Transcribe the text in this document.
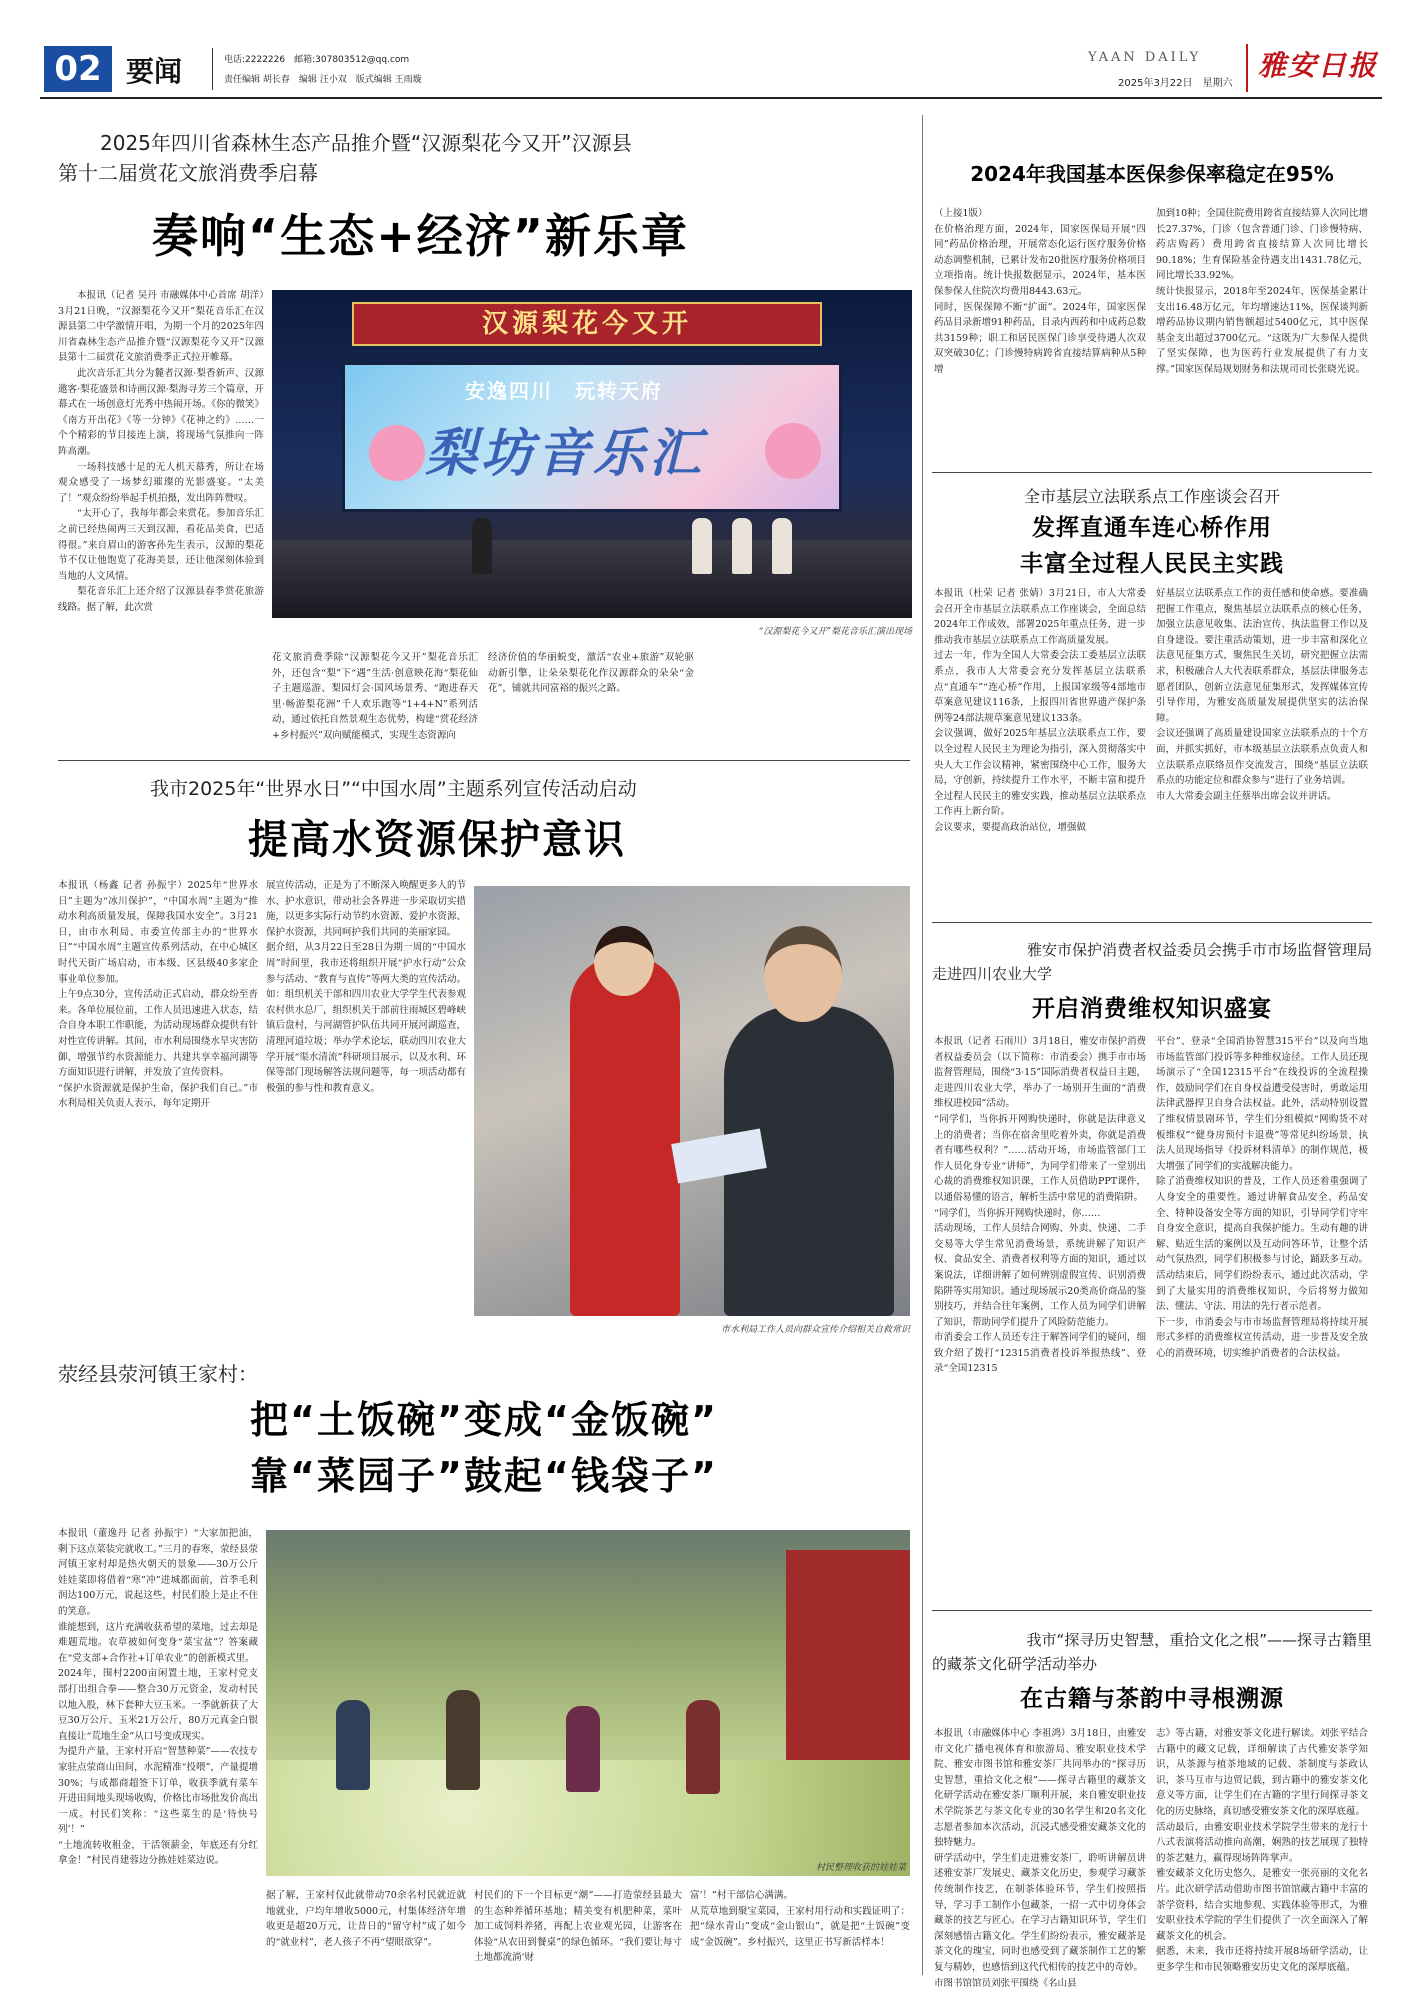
02 要闻	电话:2222226　邮箱:307803512@qq.com
责任编辑 胡长春　编辑 汪小双　版式编辑 王雨璇
YAAN DAILY
2025年3月22日　星期六
雅安日报
2025年四川省森林生态产品推介暨“汉源梨花今又开”汉源县
第十二届赏花文旅消费季启幕
奏响“生态+经济”新乐章

本报讯（记者 吴丹 市融媒体中心首席 胡洋）3月21日晚，“汉源梨花今又开”梨花音乐汇在汉源县第二中学激情开唱，为期一个月的2025年四川省森林生态产品推介暨“汉源梨花今又开”汉源县第十二届赏花文旅消费季正式拉开帷幕。

此次音乐汇共分为麓者汉源·梨香新声、汉源邀客·梨花盛景和诗画汉源·梨海寻芳三个篇章，开幕式在一场创意灯光秀中热闹开场。《你的微笑》《南方开出花》《等一分钟》《花神之约》……一个个精彩的节目接连上演，将现场气氛推向一阵阵高潮。

一场科技感十足的无人机天幕秀，所让在场观众感受了一场梦幻璀璨的光影盛宴。“太美了！”观众纷纷举起手机拍摄，发出阵阵赞叹。

“太开心了，我每年都会来赏花。参加音乐汇之前已经热闹两三天到汉源，看花品美食，巴适得很。”来自眉山的游客孙先生表示，汉源的梨花节不仅让他饱览了花海美景，还让他深刻体验到当地的人文风情。

梨花音乐汇上还介绍了汉源县春季赏花旅游线路。据了解，此次赏

汉源梨花今又开
安逸四川　玩转天府
梨坊音乐汇
“汉源梨花今又开”梨花音乐汇演出现场
花文旅消费季除“汉源梨花今又开”梨花音乐汇外，还包含“梨”下“遇”生活·创意映花海“梨花仙子主题巡游、梨园灯会·国风场景秀、“跑进春天里·畅游梨花洲”千人欢乐跑等“1+4+N”系列活动，通过依托自然景观生态优势，构建“赏花经济+乡村振兴”双向赋能模式，实现生态资源向
经济价值的华丽蜕变，激活“农业+旅游”双轮驱动新引擎，让朵朵梨花化作汉源群众的朵朵“金花”，铺就共同富裕的振兴之路。
2024年我国基本医保参保率稳定在95%
（上接1版）
在价格治理方面，2024年，国家医保局开展“四同”药品价格治理，开展常态化运行医疗服务价格动态调整机制，已累计发布20批医疗服务价格项目立项指南。统计快报数据显示，2024年，基本医保参保人住院次均费用8443.63元。
同时，医保保障不断“扩面”。2024年，国家医保药品目录新增91种药品，目录内西药和中成药总数共3159种；职工和居民医保门诊享受待遇人次双双突破30亿；门诊慢特病跨省直接结算病种从5种增
加到10种；全国住院费用跨省直接结算人次同比增长27.37%，门诊（包含普通门诊、门诊慢特病、药店购药）费用跨省直接结算人次同比增长90.18%；生育保险基金待遇支出1431.78亿元，同比增长33.92%。
统计快报显示，2018年至2024年，医保基金累计支出16.48万亿元，年均增速达11%，医保谈判新增药品协议期内销售额超过5400亿元，其中医保基金支出超过3700亿元。“这既为广大参保人提供了坚实保障，也为医药行业发展提供了有力支撑。”国家医保局规划财务和法规司司长张晓光说。
全市基层立法联系点工作座谈会召开
发挥直通车连心桥作用
丰富全过程人民民主实践
本报讯（杜荣 记者 张婧）3月21日，市人大常委会召开全市基层立法联系点工作座谈会，全面总结2024年工作成效，部署2025年重点任务，进一步推动我市基层立法联系点工作高质量发展。
过去一年，作为全国人大常委会法工委基层立法联系点，我市人大常委会充分发挥基层立法联系点“直通车”“连心桥”作用，上报国家级等4部地市草案意见建议116条，上报四川省世界遗产保护条例等24部法规草案意见建议133条。
会议强调，做好2025年基层立法联系点工作，要以全过程人民民主为理论为指引，深入贯彻落实中央人大工作会议精神，紧密围绕中心工作，服务大局，守创新，持续提升工作水平，不断丰富和提升全过程人民民主的雅安实践，推动基层立法联系点工作再上新台阶。
会议要求，要提高政治站位，增强做
好基层立法联系点工作的责任感和使命感。要准确把握工作重点，聚焦基层立法联系点的核心任务，加强立法意见收集、法治宣传、执法监督工作以及自身建设。要注重活动策划，进一步丰富和深化立法意见征集方式，聚焦民生关切，研究把握立法需求，积极融合人大代表联系群众，基层法律服务志愿者团队，创新立法意见征集形式，发挥媒体宣传引导作用，为雅安高质量发展提供坚实的法治保障。
会议还强调了高质量建设国家立法联系点的十个方面，并抓实抓好，市本级基层立法联系点负责人和立法联系点联络员作交流发言，围绕“基层立法联系点的功能定位和群众参与”进行了业务培训。
市人大常委会副主任蔡举出席会议并讲话。
我市2025年“世界水日”“中国水周”主题系列宣传活动启动
提高水资源保护意识
本报讯（杨鑫 记者 孙振宇）2025年“世界水日”主题为“冰川保护”，“中国水周”主题为“推动水利高质量发展，保障我国水安全”。3月21日，由市水利局、市委宣传部主办的“世界水日”“中国水周”主题宣传系列活动，在中心城区时代天街广场启动，市本级、区县级40多家企事业单位参加。
上午9点30分，宣传活动正式启动，群众纷至沓来。各单位展位前，工作人员迅速进入状态，结合自身本职工作职能，为活动现场群众提供有针对性宣传讲解。其间，市水利局围绕水旱灾害防御、增强节约水资源能力、共建共享幸福河湖等方面知识进行讲解，并发放了宣传资料。
“保护水资源就是保护生命，保护我们自己。”市水利局相关负责人表示，每年定期开
展宣传活动，正是为了不断深入唤醒更多人的节水、护水意识，带动社会各界进一步采取切实措施，以更多实际行动节约水资源、爱护水资源、保护水资源，共同呵护我们共同的美丽家园。
据介绍，从3月22日至28日为期一周的“中国水周”时间里，我市还将组织开展“护水行动”公众参与活动、“教育与直传”等两大类的宣传活动。如：组织机关干部和四川农业大学学生代表参观农村供水总厂，组织机关干部前往雨城区碧峰峡镇后盘村，与河湖管护队伍共同开展河湖巡查，清理河道垃圾；举办学术论坛，联动四川农业大学开展“渠水清流”科研项目展示，以及水利、环保等部门现场解答法规问题等，每一项活动都有极强的参与性和教育意义。
市水利局工作人员向群众宣传介绍相关自救常识
雅安市保护消费者权益委员会携手市市场监督管理局
走进四川农业大学
开启消费维权知识盛宴
本报讯（记者 石雨川）3月18日，雅安市保护消费者权益委员会（以下简称：市消委会）携手市市场监督管理局，围绕“3·15”国际消费者权益日主题，走进四川农业大学，举办了一场别开生面的“消费维权进校园”活动。
“同学们，当你拆开网购快递时，你就是法律意义上的消费者；当你在宿舍里吃着外卖，你就是消费者有哪些权利？”……活动开场，市场监管部门工作人员化身专业“讲师”，为同学们带来了一堂别出心裁的消费维权知识课，工作人员借助PPT课件，以通俗易懂的语言，解析生活中常见的消费陷阱。
“同学们，当你拆开网购快递时，你……
活动现场，工作人员结合网购、外卖、快递、二手交易等大学生常见消费场景，系统讲解了知识产权、食品安全、消费者权利等方面的知识，通过以案说法，详细讲解了如何辨别虚假宣传、识别消费陷阱等实用知识。通过现场展示20类高价商品的鉴别技巧，并结合往年案例，工作人员为同学们讲解了知识，帮助同学们提升了风险防范能力。
市消委会工作人员还专注于解答同学们的疑问，细致介绍了拨打“12315消费者投诉举报热线”、登录“全国12315
平台”、登录“全国消协智慧315平台”以及向当地市场监管部门投诉等多种维权途径。工作人员还现场演示了“全国12315平台”在线投诉的全流程操作，鼓励同学们在自身权益遭受侵害时，勇敢运用法律武器捍卫自身合法权益。此外，活动特别设置了维权情景剧环节，学生们分组模拟“网购货不对板维权”“健身房预付卡退费”等常见纠纷场景，执法人员现场指导《投诉材料清单》的制作规范，极大增强了同学们的实战解决能力。
除了消费维权知识的普及，工作人员还着重强调了人身安全的重要性。通过讲解食品安全、药品安全、特种设备安全等方面的知识，引导同学们守牢自身安全意识，提高自我保护能力。生动有趣的讲解、贴近生活的案例以及互动问答环节，让整个活动气氛热烈，同学们积极参与讨论，踊跃多互动。活动结束后，同学们纷纷表示，通过此次活动，学到了大量实用的消费维权知识，今后将努力做知法、懂法、守法、用法的先行者示范者。
下一步，市消委会与市市场监督管理局将持续开展形式多样的消费维权宣传活动，进一步普及安全放心的消费环境，切实维护消费者的合法权益。
荥经县荥河镇王家村：
把“土饭碗”变成“金饭碗”
靠“菜园子”鼓起“钱袋子”
本报讯（董逸丹 记者 孙振宇）“大家加把油，剩下这点菜装完就收工。”三月的春寒，荥经县荥河镇王家村却是热火朝天的景象——30万公斤娃娃菜即将借着“寒”冲”进城都面前，首季毛利润达100万元，说起这些，村民们脸上是止不住的笑意。
谁能想到，这片充满收获希望的菜地，过去却是难题荒地。农草被如何变身“菜宝盆”？答案藏在“党支部+合作社+订单农业”的创新模式里。
2024年，围村2200亩闲置土地，王家村党支部打出组合拳——整合30万元资金，发动村民以地入股，林下套种大豆玉米。一季就新获了大豆30万公斤、玉米21万公斤，80万元真金白银直接让“荒地生金”从口号变成现实。
为提升产量，王家村开启“智慧种菜”——农技专家驻点荥商山田间，水泥精准“投喂”，产量提增30%；与成都商超签下订单，收获季就有菜车开进田间地头现场收购，价格比市场批发价高出一成。村民们笑称：“这些菜生的是‘待快号列’！”
“土地流转收租金，干活领薪金，年底还有分红拿金！”村民肖建蓉边分拣娃娃菜边说。
村民整理收获的娃娃菜
据了解，王家村仅此就带动70余名村民就近就地就业，户均年增收5000元，村集体经济年增收更是超20万元，让昔日的“留守村”成了如今的“就业村”，老人孩子不再“望眼欲穿”。
村民们的下一个目标更“潮”——打造荥经县最大的生态种养循环基地；精美变有机肥种菜，菜叶加工成饲料养猪，再配上农业观光园，让游客在体验“从农田到餐桌”的绿色循环。“我们要让每寸土地都流淌‘财
富’！”村干部信心满满。
从荒草地到聚宝菜园，王家村用行动和实践证明了：把“绿水青山”变成“金山银山”，就是把“土饭碗”变成“金饭碗”。乡村振兴，这里正书写新活样本！
我市“探寻历史智慧，重拾文化之根”——探寻古籍里
的藏茶文化研学活动举办
在古籍与茶韵中寻根溯源
本报讯（市融媒体中心 李祖鸿）3月18日，由雅安市文化广播电视体育和旅游局、雅安职业技术学院、雅安市图书馆和雅安茶厂共同举办的“探寻历史智慧，重拾文化之根”——探寻古籍里的藏茶文化研学活动在雅安茶厂顺利开展，来自雅安职业技术学院茶艺与茶文化专业的30名学生和20名文化志愿者参加本次活动，沉浸式感受雅安藏茶文化的独特魅力。
研学活动中，学生们走进雅安茶厂，聆听讲解员讲述雅安茶厂发展史、藏茶文化历史，参观学习藏茶传统制作技艺，在制茶体验环节，学生们按照指导，学习手工制作小包藏茶，一招一式中切身体会藏茶的技艺与匠心。在学习古籍知识环节，学生们深刻感悟古籍文化。学生们纷纷表示，雅安藏茶是茶文化的瑰宝，同时也感受到了藏茶制作工艺的繁复与精妙，也感悟到这代代相传的技艺中的奇妙。
市图书馆馆员刘张平围绕《名山县
志》等古籍，对雅安茶文化进行解读。刘张平结合古籍中的藏文记载，详细解读了古代雅安茶学知识，从茶源与植茶地域的记载、茶制度与茶政认识，茶马互市与边贸记载，到古籍中的雅安茶文化意义等方面，让学生们在古籍的字里行间探寻茶文化的历史脉络，真切感受雅安茶文化的深厚底蕴。
活动最后，由雅安职业技术学院学生带来的龙行十八式表演将活动推向高潮，娴熟的技艺展现了独特的茶艺魅力，赢得现场阵阵掌声。
雅安藏茶文化历史悠久，是雅安一张亮丽的文化名片。此次研学活动借助市图书馆馆藏古籍中丰富的茶学资料，结合实地参观、实践体验等形式，为雅安职业技术学院的学生们提供了一次全面深入了解藏茶文化的机会。
据悉，未来，我市还将持续开展8场研学活动，让更多学生和市民领略雅安历史文化的深厚底蕴。
